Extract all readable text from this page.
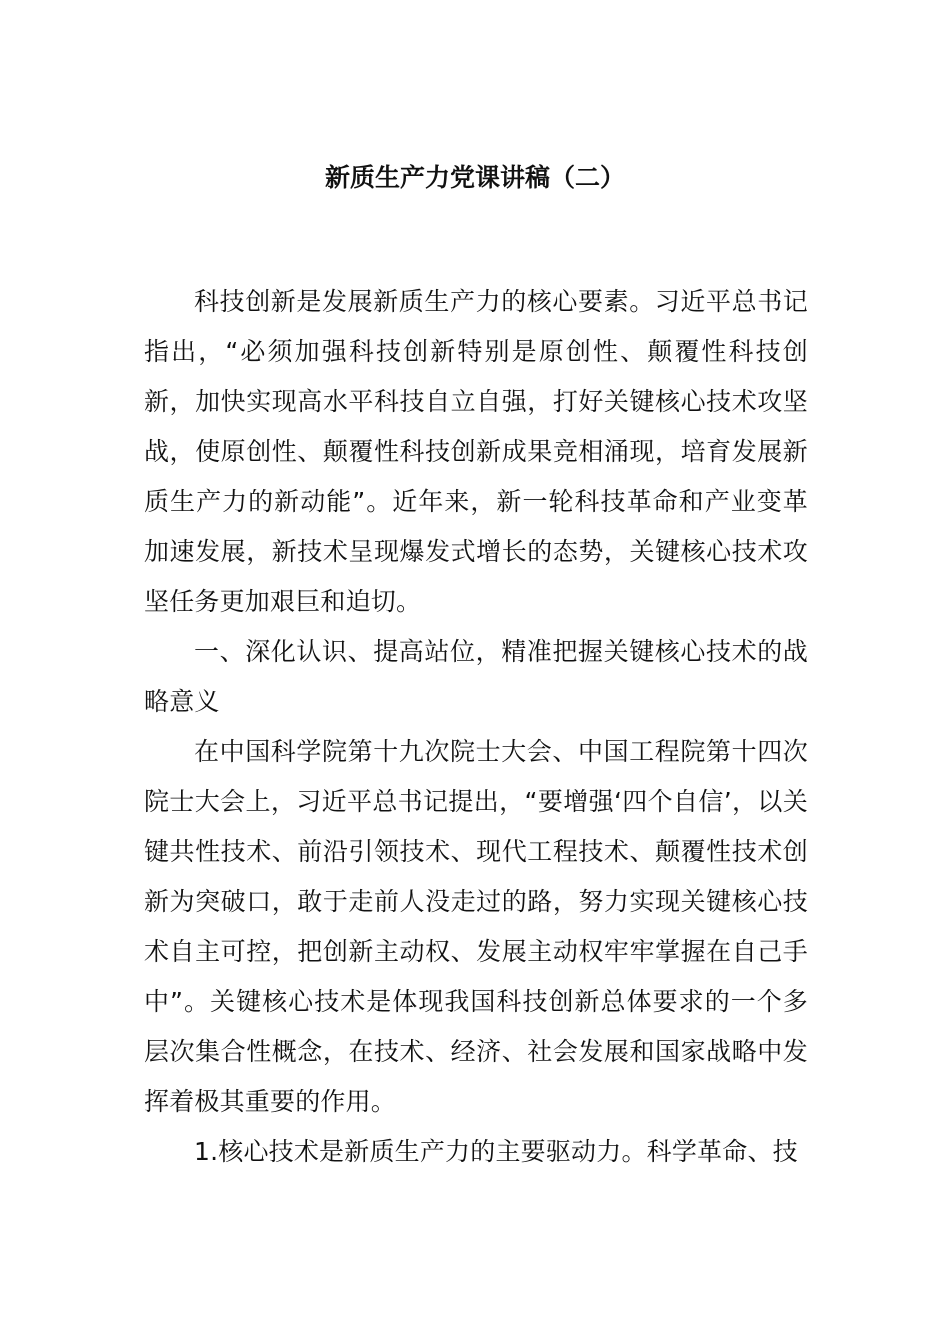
新质生产力党课讲稿（二）

科技创新是发展新质生产力的核心要素。习近平总书记指出，“必须加强科技创新特别是原创性、颠覆性科技创新，加快实现高水平科技自立自强，打好关键核心技术攻坚战，使原创性、颠覆性科技创新成果竞相涌现，培育发展新质生产力的新动能”。近年来，新一轮科技革命和产业变革加速发展，新技术呈现爆发式增长的态势，关键核心技术攻坚任务更加艰巨和迫切。

一、深化认识、提高站位，精准把握关键核心技术的战略意义

在中国科学院第十九次院士大会、中国工程院第十四次院士大会上，习近平总书记提出，“要增强‘四个自信’，以关键共性技术、前沿引领技术、现代工程技术、颠覆性技术创新为突破口，敢于走前人没走过的路，努力实现关键核心技术自主可控，把创新主动权、发展主动权牢牢掌握在自己手中”。关键核心技术是体现我国科技创新总体要求的一个多层次集合性概念，在技术、经济、社会发展和国家战略中发挥着极其重要的作用。

1.核心技术是新质生产力的主要驱动力。科学革命、技
